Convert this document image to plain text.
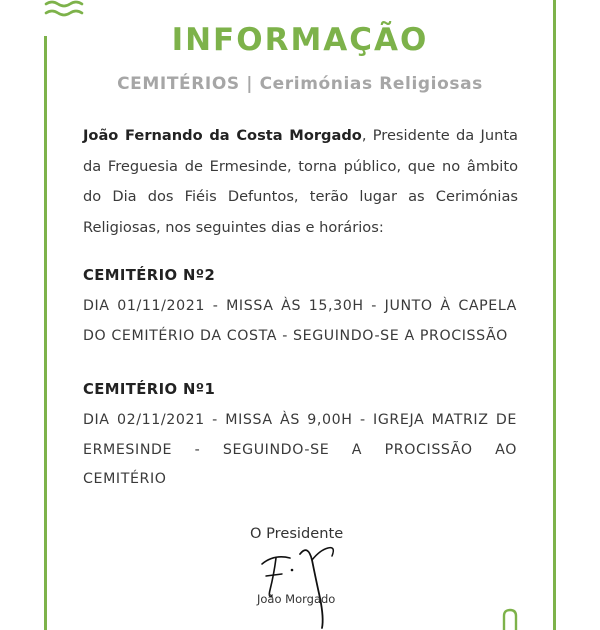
INFORMAÇÃO
CEMITÉRIOS | Cerimónias Religiosas
João Fernando da Costa Morgado, Presidente da Junta da Freguesia de Ermesinde, torna público, que no âmbito do Dia dos Fiéis Defuntos, terão lugar as Cerimónias Religiosas, nos seguintes dias e horários:
CEMITÉRIO Nº2
DIA 01/11/2021 - MISSA ÀS 15,30H - JUNTO À CAPELA DO CEMITÉRIO DA COSTA - SEGUINDO-SE A PROCISSÃO
CEMITÉRIO Nº1
DIA 02/11/2021 - MISSA ÀS 9,00H - IGREJA MATRIZ DE ERMESINDE - SEGUINDO-SE A PROCISSÃO AO CEMITÉRIO
O Presidente
João Morgado
